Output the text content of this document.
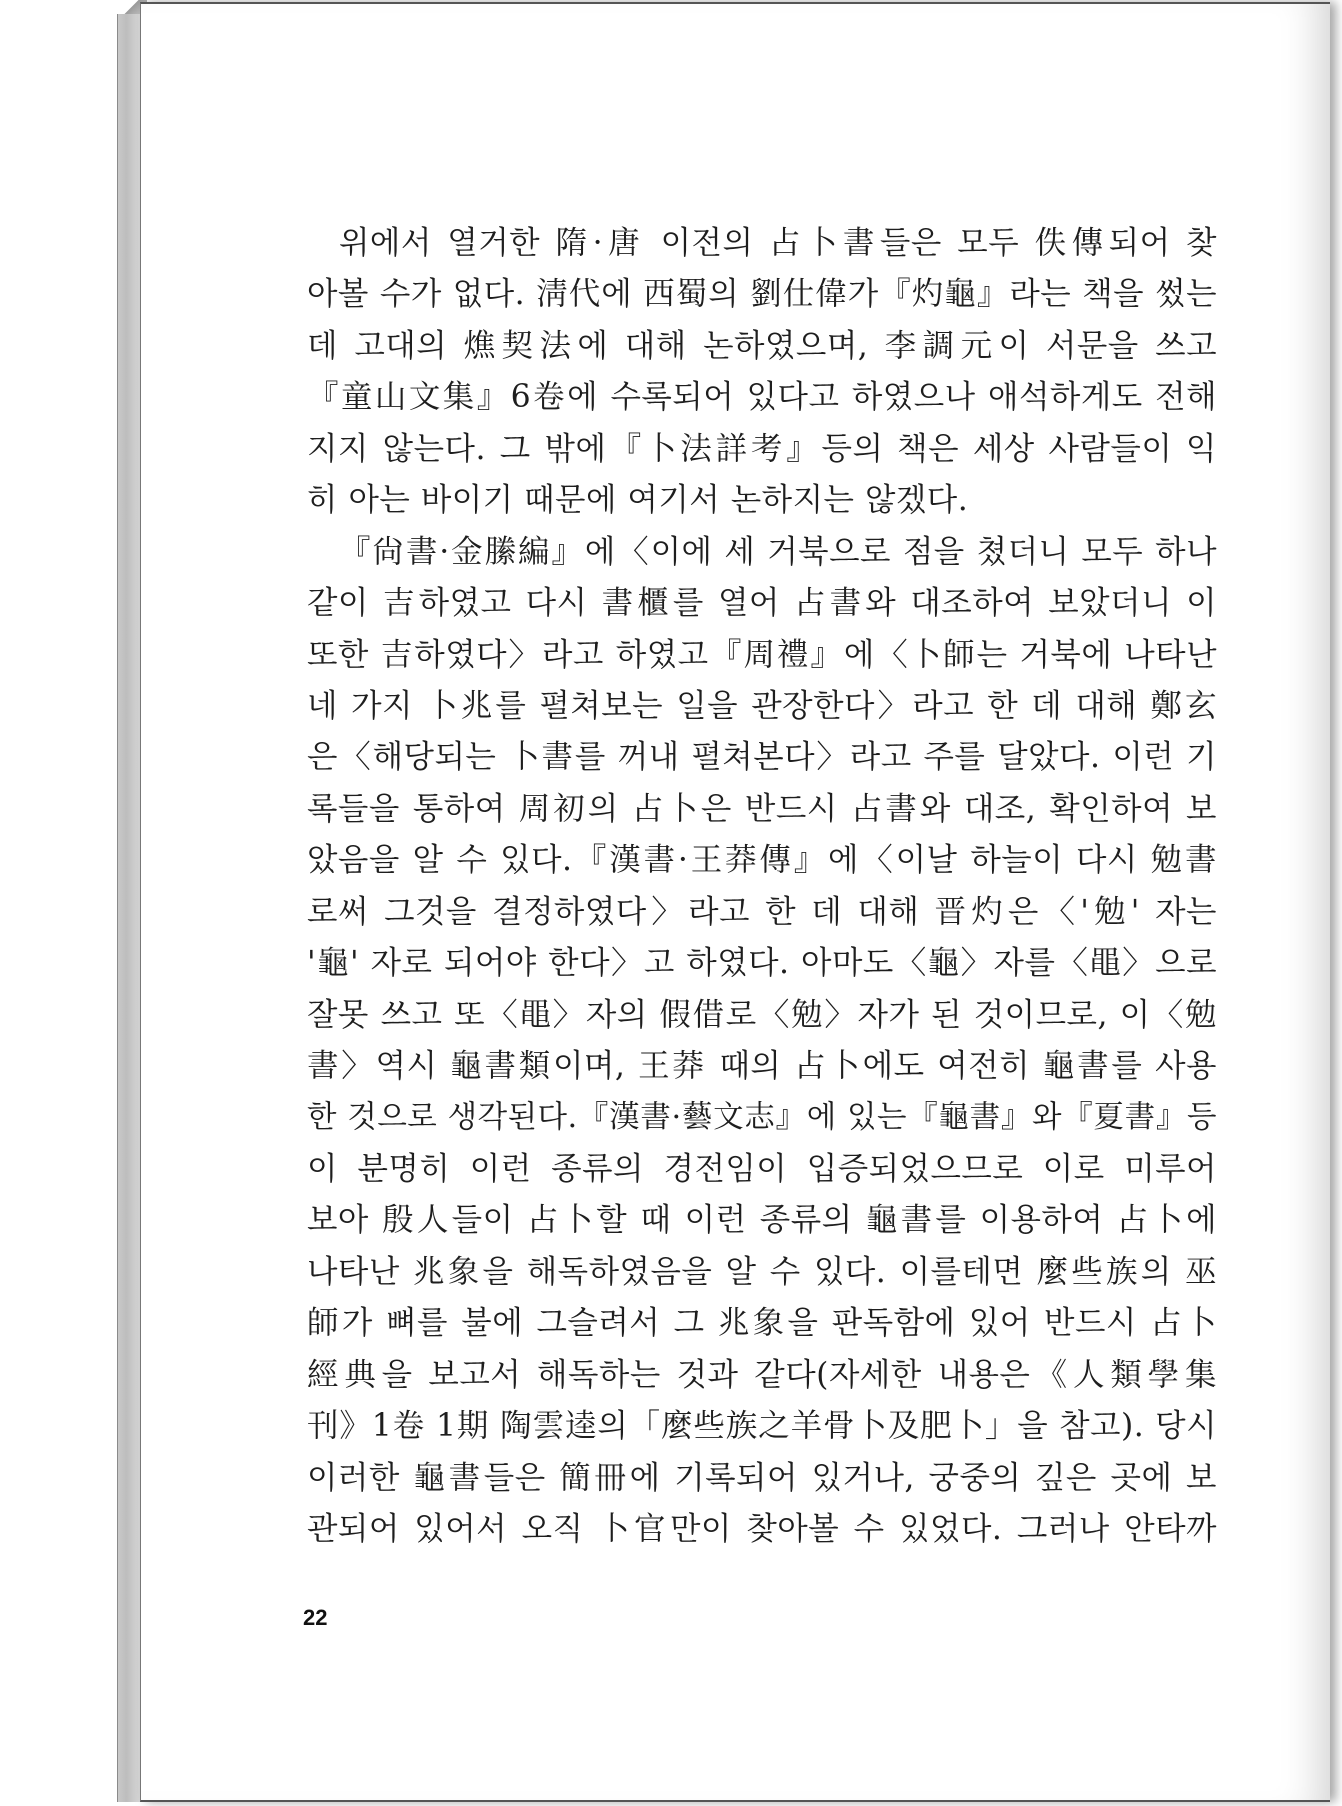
위에서 열거한 隋·唐 이전의 占卜書들은 모두 佚傳되어 찾
아볼 수가 없다. 淸代에 西蜀의 劉仕偉가『灼龜』라는 책을 썼는
데 고대의 燋契法에 대해 논하였으며, 李調元이 서문을 쓰고
『童山文集』6卷에 수록되어 있다고 하였으나 애석하게도 전해
지지 않는다. 그 밖에『卜法詳考』등의 책은 세상 사람들이 익
히 아는 바이기 때문에 여기서 논하지는 않겠다.
『尙書·金縢編』에〈이에 세 거북으로 점을 쳤더니 모두 하나
같이 吉하였고 다시 書櫃를 열어 占書와 대조하여 보았더니 이
또한 吉하였다〉라고 하였고『周禮』에〈卜師는 거북에 나타난
네 가지 卜兆를 펼쳐보는 일을 관장한다〉라고 한 데 대해 鄭玄
은〈해당되는 卜書를 꺼내 펼쳐본다〉라고 주를 달았다. 이런 기
록들을 통하여 周初의 占卜은 반드시 占書와 대조, 확인하여 보
았음을 알 수 있다.『漢書·王莽傳』에〈이날 하늘이 다시 勉書
로써 그것을 결정하였다〉라고 한 데 대해 晋灼은〈'勉' 자는
'龜' 자로 되어야 한다〉고 하였다. 아마도〈龜〉자를〈黽〉으로
잘못 쓰고 또〈黽〉자의 假借로〈勉〉자가 된 것이므로, 이〈勉
書〉역시 龜書類이며, 王莽 때의 占卜에도 여전히 龜書를 사용
한 것으로 생각된다.『漢書·藝文志』에 있는『龜書』와『夏書』등
이 분명히 이런 종류의 경전임이 입증되었으므로 이로 미루어
보아 殷人들이 占卜할 때 이런 종류의 龜書를 이용하여 占卜에
나타난 兆象을 해독하였음을 알 수 있다. 이를테면 麼些族의 巫
師가 뼈를 불에 그슬려서 그 兆象을 판독함에 있어 반드시 占卜
經典을 보고서 해독하는 것과 같다(자세한 내용은《人類學集
刊》1卷 1期 陶雲逵의「麼些族之羊骨卜及肥卜」을 참고). 당시
이러한 龜書들은 簡冊에 기록되어 있거나, 궁중의 깊은 곳에 보
관되어 있어서 오직 卜官만이 찾아볼 수 있었다. 그러나 안타까
22
